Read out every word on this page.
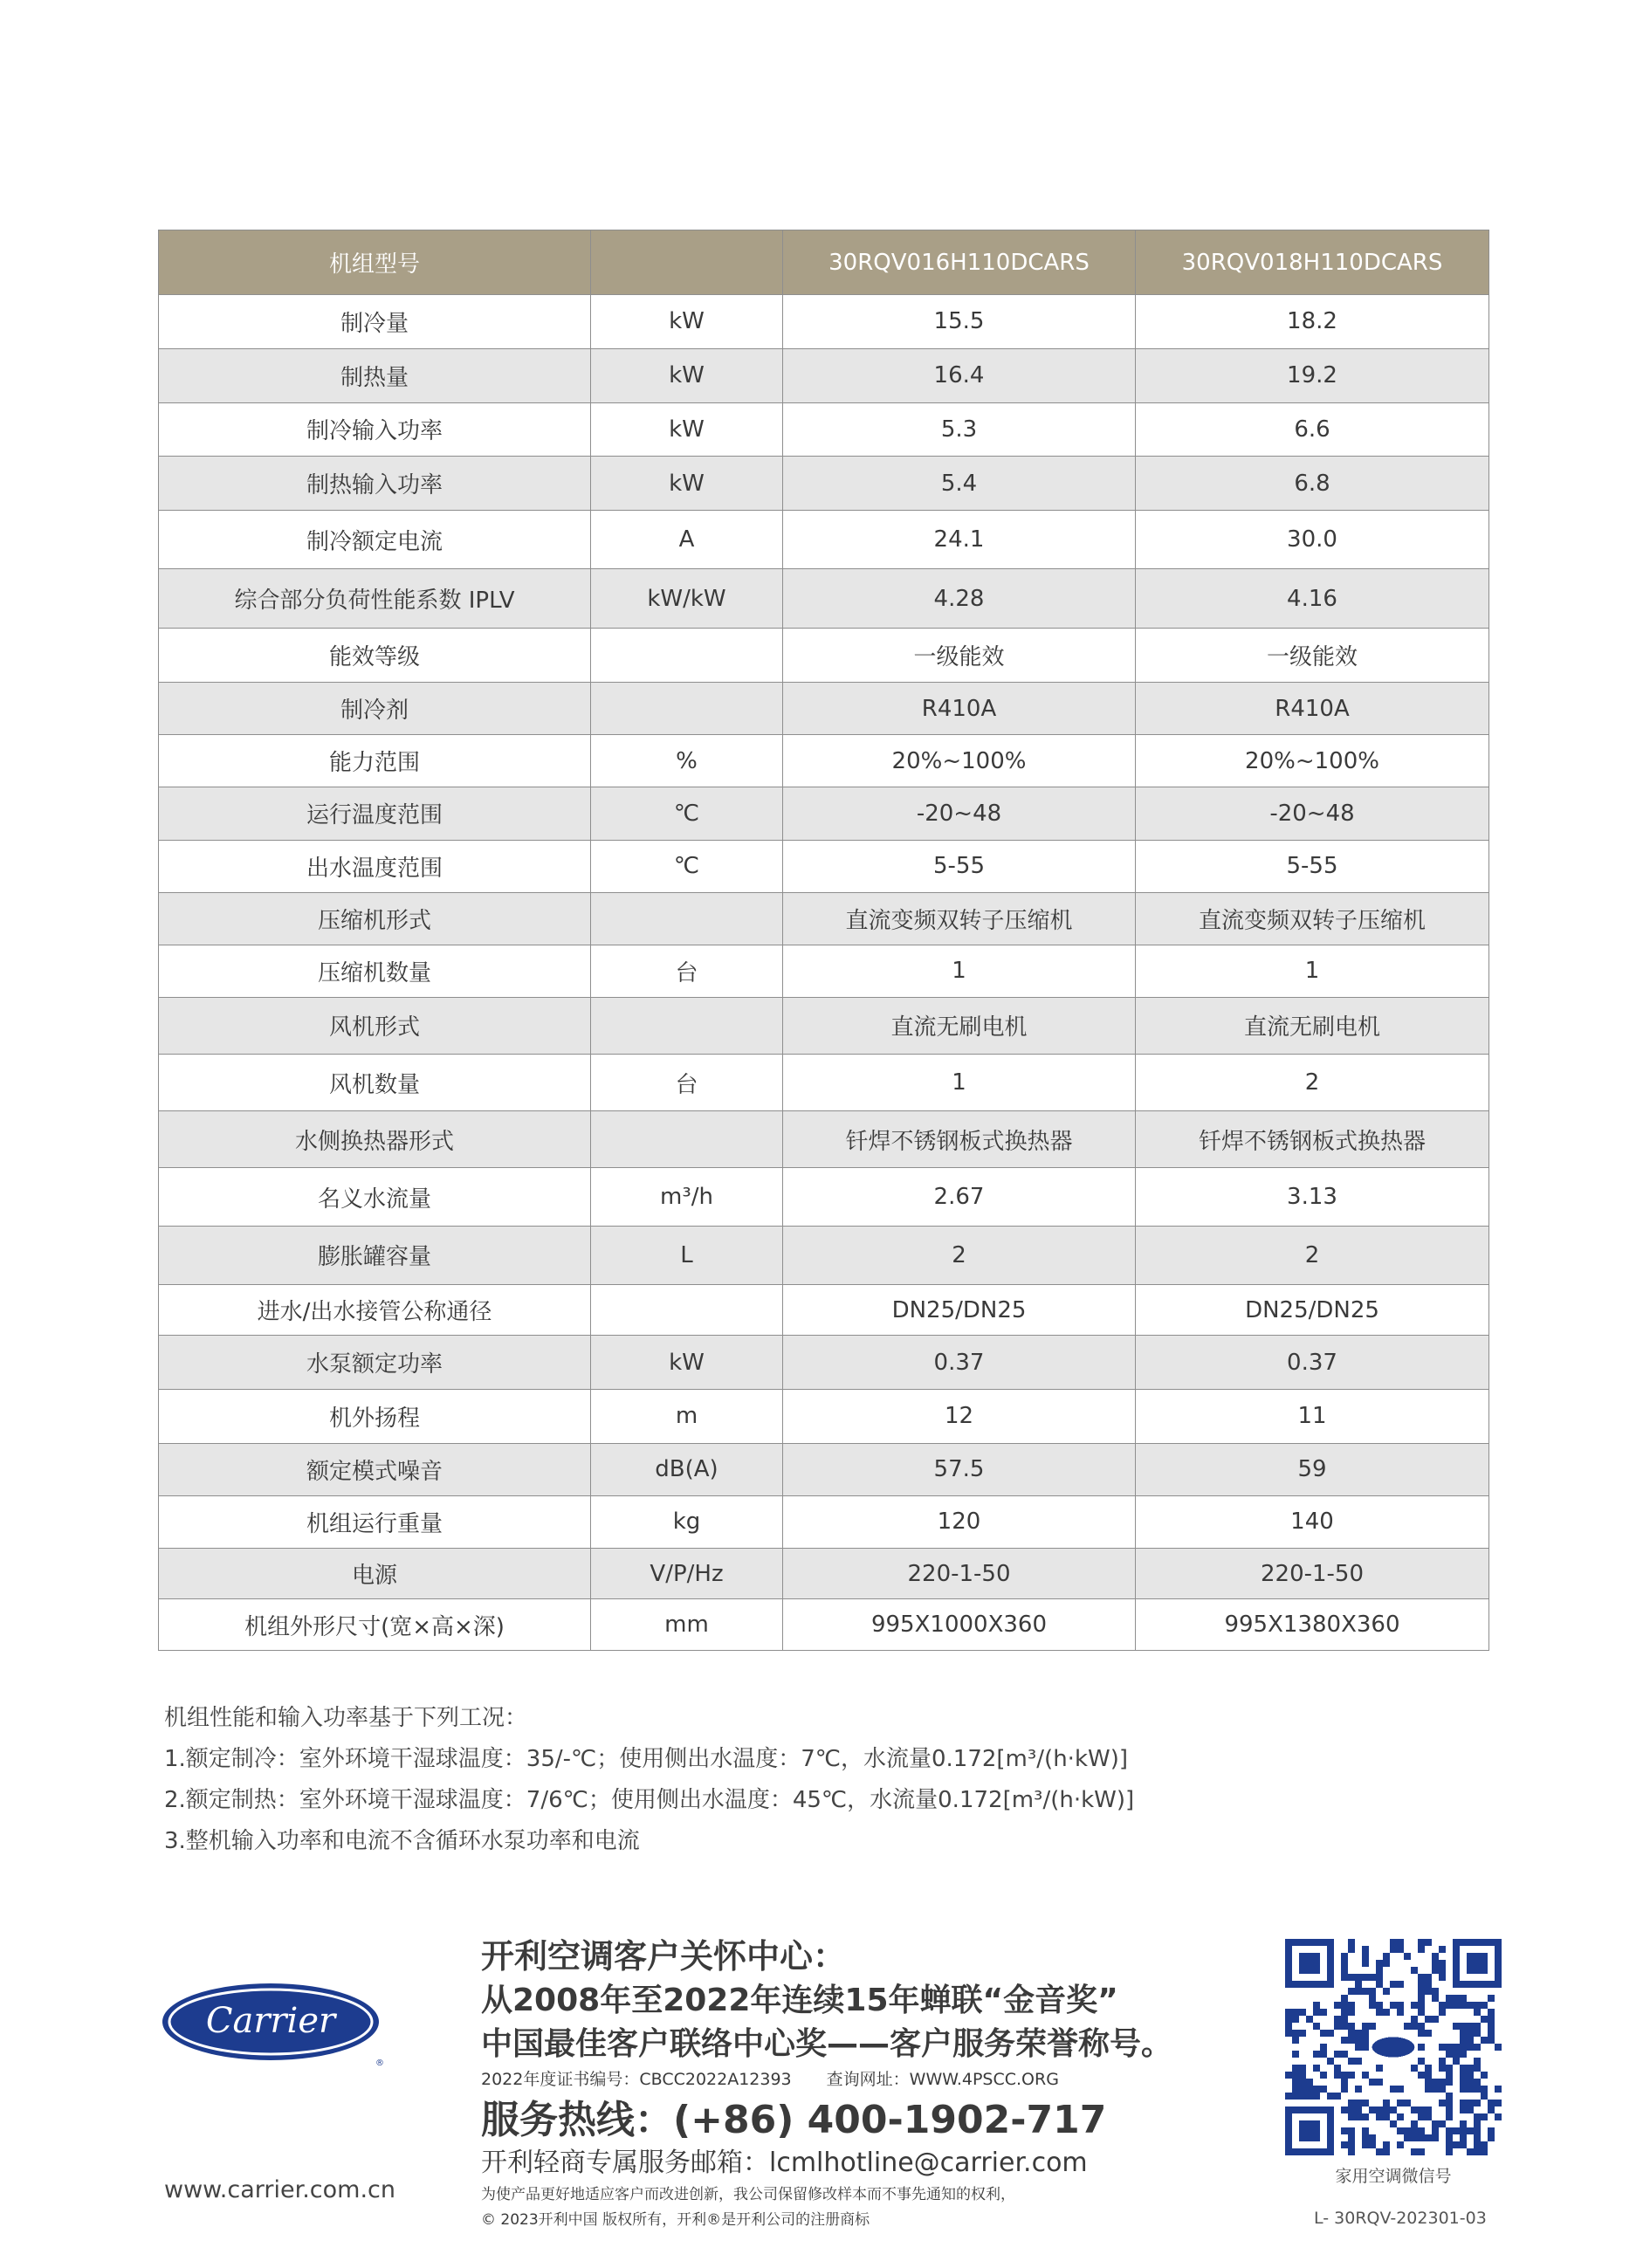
机组型号		30RQV016H110DCARS	30RQV018H110DCARS
制冷量	kW	15.5	18.2
制热量	kW	16.4	19.2
制冷输入功率	kW	5.3	6.6
制热输入功率	kW	5.4	6.8
制冷额定电流	A	24.1	30.0
综合部分负荷性能系数 IPLV	kW/kW	4.28	4.16
能效等级		一级能效	一级能效
制冷剂		R410A	R410A
能力范围	%	20%~100%	20%~100%
运行温度范围	℃	-20~48	-20~48
出水温度范围	℃	5-55	5-55
压缩机形式		直流变频双转子压缩机	直流变频双转子压缩机
压缩机数量	台	1	1
风机形式		直流无刷电机	直流无刷电机
风机数量	台	1	2
水侧换热器形式		钎焊不锈钢板式换热器	钎焊不锈钢板式换热器
名义水流量	m³/h	2.67	3.13
膨胀罐容量	L	2	2
进水/出水接管公称通径		DN25/DN25	DN25/DN25
水泵额定功率	kW	0.37	0.37
机外扬程	m	12	11
额定模式噪音	dB(A)	57.5	59
机组运行重量	kg	120	140
电源	V/P/Hz	220-1-50	220-1-50
机组外形尺寸(宽×高×深)	mm	995X1000X360	995X1380X360
机组性能和输入功率基于下列工况：
1.额定制冷：室外环境干湿球温度：35/-℃；使用侧出水温度：7℃，水流量0.172[m³/(h·kW)]
2.额定制热：室外环境干湿球温度：7/6℃；使用侧出水温度：45℃，水流量0.172[m³/(h·kW)]
3.整机输入功率和电流不含循环水泵功率和电流
Carrier
®
www.carrier.com.cn
开利空调客户关怀中心：
从2008年至2022年连续15年蝉联“金音奖”
中国最佳客户联络中心奖——客户服务荣誉称号。
2022年度证书编号：CBCC2022A12393 查询网址：WWW.4PSCC.ORG
服务热线：(+86) 400-1902-717
开利轻商专属服务邮箱：lcmlhotline@carrier.com
为使产品更好地适应客户而改进创新，我公司保留修改样本而不事先通知的权利，
© 2023开利中国 版权所有，开利®是开利公司的注册商标
家用空调微信号
L- 30RQV-202301-03
